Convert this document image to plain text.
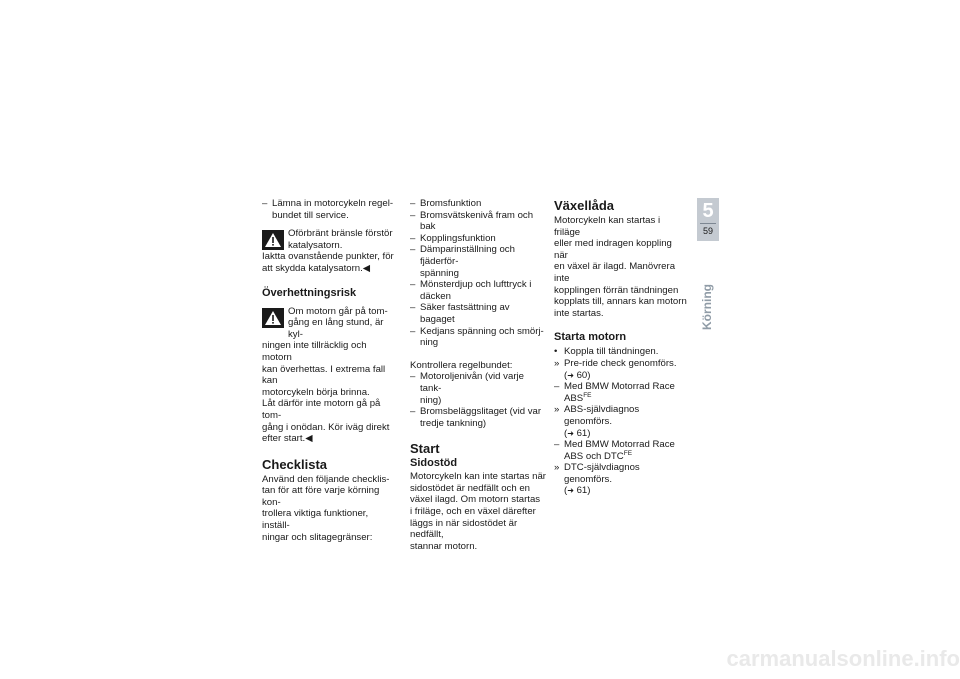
– Lämna in motorcykeln regel-
bundet till service.
Oförbränt bränsle förstör
katalysatorn.
Iaktta ovanstående punkter, för
att skydda katalysatorn.◀
Överhettningsrisk
Om motorn går på tom-
gång en lång stund, är kyl-
ningen inte tillräcklig och motorn
kan överhettas. I extrema fall kan
motorcykeln börja brinna.
Låt därför inte motorn gå på tom-
gång i onödan. Kör iväg direkt
efter start.◀
Checklista
Använd den följande checklis-
tan för att före varje körning kon-
trollera viktiga funktioner, inställ-
ningar och slitagegränser:
– Bromsfunktion
– Bromsvätskenivå fram och bak
– Kopplingsfunktion
– Dämparinställning och fjäderför-
spänning
– Mönsterdjup och lufttryck i
däcken
– Säker fastsättning av bagaget
– Kedjans spänning och smörj-
ning

Kontrollera regelbundet:

– Motoroljenivån (vid varje tank-
ning)
– Bromsbeläggslitaget (vid var
tredje tankning)
Start
Sidostöd
Motorcykeln kan inte startas när
sidostödet är nedfällt och en
växel ilagd. Om motorn startas
i friläge, och en växel därefter
läggs in när sidostödet är nedfällt,
stannar motorn.
Växellåda
Motorcykeln kan startas i friläge
eller med indragen koppling när
en växel är ilagd. Manövrera inte
kopplingen förrän tändningen
kopplats till, annars kan motorn
inte startas.
Starta motorn
• Koppla till tändningen.
» Pre-ride check genomförs.
(➜ 60)
– Med BMW Motorrad Race
$ABS^{FE}$
» ABS-självdiagnos genomförs.
(➜ 61)
– Med BMW Motorrad Race
ABS och $DTC^{FE}$
» DTC-självdiagnos genomförs.
(➜ 61)
5
59
Körning
carmanualsonline.info
